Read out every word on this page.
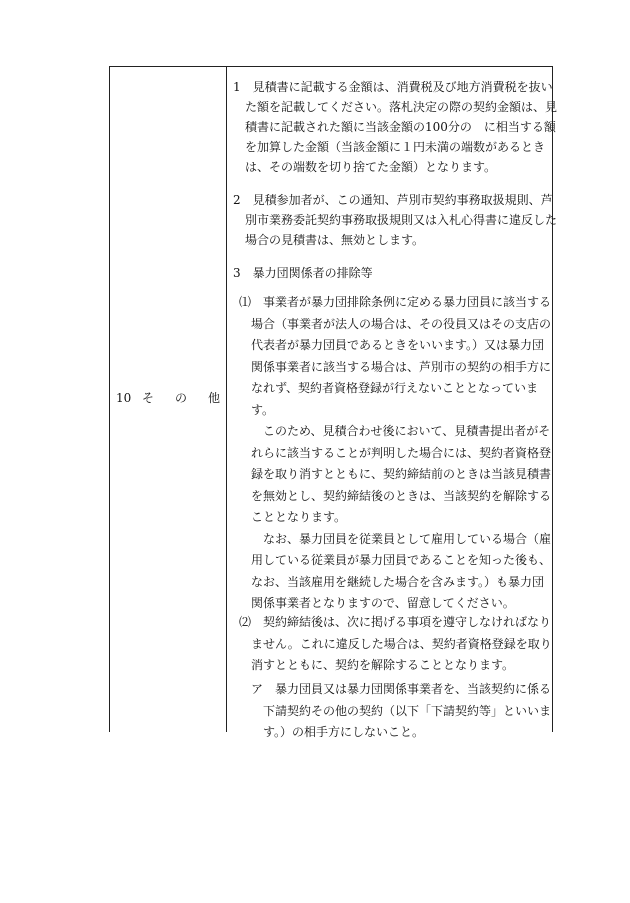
10 そ の 他
1　見積書に記載する金額は、消費税及び地方消費税を抜い
　た額を記載してください。落札決定の際の契約金額は、見
　積書に記載された額に当該金額の100分の　に相当する額
　を加算した金額（当該金額に１円未満の端数があるとき
　は、その端数を切り捨てた金額）となります。
2　見積参加者が、この通知、芦別市契約事務取扱規則、芦
　別市業務委託契約事務取扱規則又は入札心得書に違反した
　場合の見積書は、無効とします。
3　暴力団関係者の排除等
⑴　事業者が暴力団排除条例に定める暴力団員に該当する
　場合（事業者が法人の場合は、その役員又はその支店の
　代表者が暴力団員であるときをいいます。）又は暴力団
　関係事業者に該当する場合は、芦別市の契約の相手方に
　なれず、契約者資格登録が行えないこととなっていま
　す。
　　このため、見積合わせ後において、見積書提出者がそ
　れらに該当することが判明した場合には、契約者資格登
　録を取り消すとともに、契約締結前のときは当該見積書
　を無効とし、契約締結後のときは、当該契約を解除する
　こととなります。
　　なお、暴力団員を従業員として雇用している場合（雇
　用している従業員が暴力団員であることを知った後も、
　なお、当該雇用を継続した場合を含みます。）も暴力団
　関係事業者となりますので、留意してください。
⑵　契約締結後は、次に掲げる事項を遵守しなければなり
　ません。これに違反した場合は、契約者資格登録を取り
　消すとともに、契約を解除することとなります。
ア　暴力団員又は暴力団関係事業者を、当該契約に係る
　下請契約その他の契約（以下「下請契約等」といいま
　す。）の相手方にしないこと。
